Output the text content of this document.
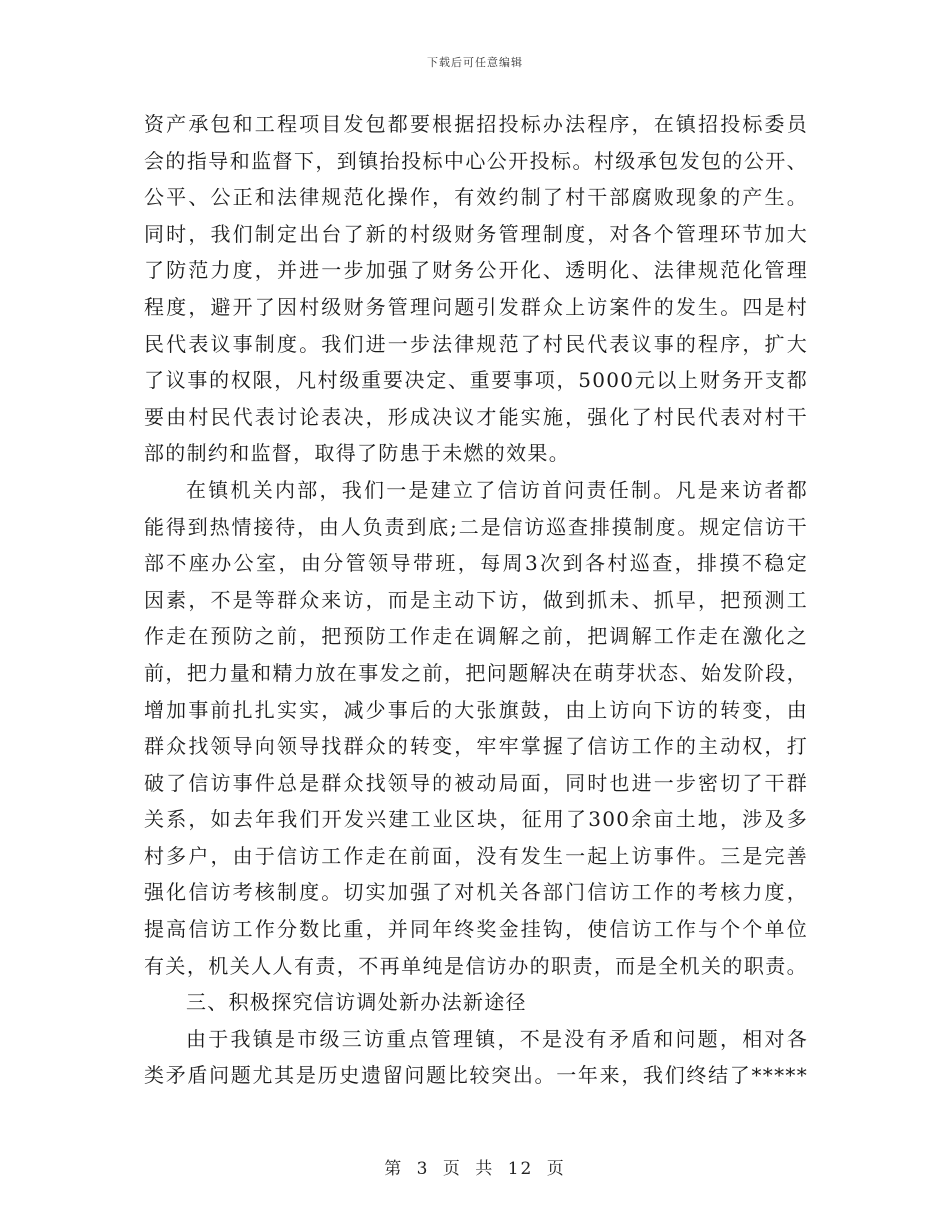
下载后可任意编辑
资产承包和工程项目发包都要根据招投标办法程序，在镇招投标委员
会的指导和监督下，到镇抬投标中心公开投标。村级承包发包的公开、
公平、公正和法律规范化操作，有效约制了村干部腐败现象的产生。
同时，我们制定出台了新的村级财务管理制度，对各个管理环节加大
了防范力度，并进一步加强了财务公开化、透明化、法律规范化管理
程度，避开了因村级财务管理问题引发群众上访案件的发生。四是村
民代表议事制度。我们进一步法律规范了村民代表议事的程序，扩大
了议事的权限，凡村级重要决定、重要事项，5000元以上财务开支都
要由村民代表讨论表决，形成决议才能实施，强化了村民代表对村干
部的制约和监督，取得了防患于未燃的效果。
在镇机关内部，我们一是建立了信访首问责任制。凡是来访者都
能得到热情接待，由人负责到底;二是信访巡查排摸制度。规定信访干
部不座办公室，由分管领导带班，每周3次到各村巡查，排摸不稳定
因素，不是等群众来访，而是主动下访，做到抓未、抓早，把预测工
作走在预防之前，把预防工作走在调解之前，把调解工作走在激化之
前，把力量和精力放在事发之前，把问题解决在萌芽状态、始发阶段，
增加事前扎扎实实，减少事后的大张旗鼓，由上访向下访的转变，由
群众找领导向领导找群众的转变，牢牢掌握了信访工作的主动权，打
破了信访事件总是群众找领导的被动局面，同时也进一步密切了干群
关系，如去年我们开发兴建工业区块，征用了300余亩土地，涉及多
村多户，由于信访工作走在前面，没有发生一起上访事件。三是完善
强化信访考核制度。切实加强了对机关各部门信访工作的考核力度，
提高信访工作分数比重，并同年终奖金挂钩，使信访工作与个个单位
有关，机关人人有责，不再单纯是信访办的职责，而是全机关的职责。
三、积极探究信访调处新办法新途径
由于我镇是市级三访重点管理镇，不是没有矛盾和问题，相对各
类矛盾问题尤其是历史遗留问题比较突出。一年来，我们终结了*****
第 3 页 共 12 页
